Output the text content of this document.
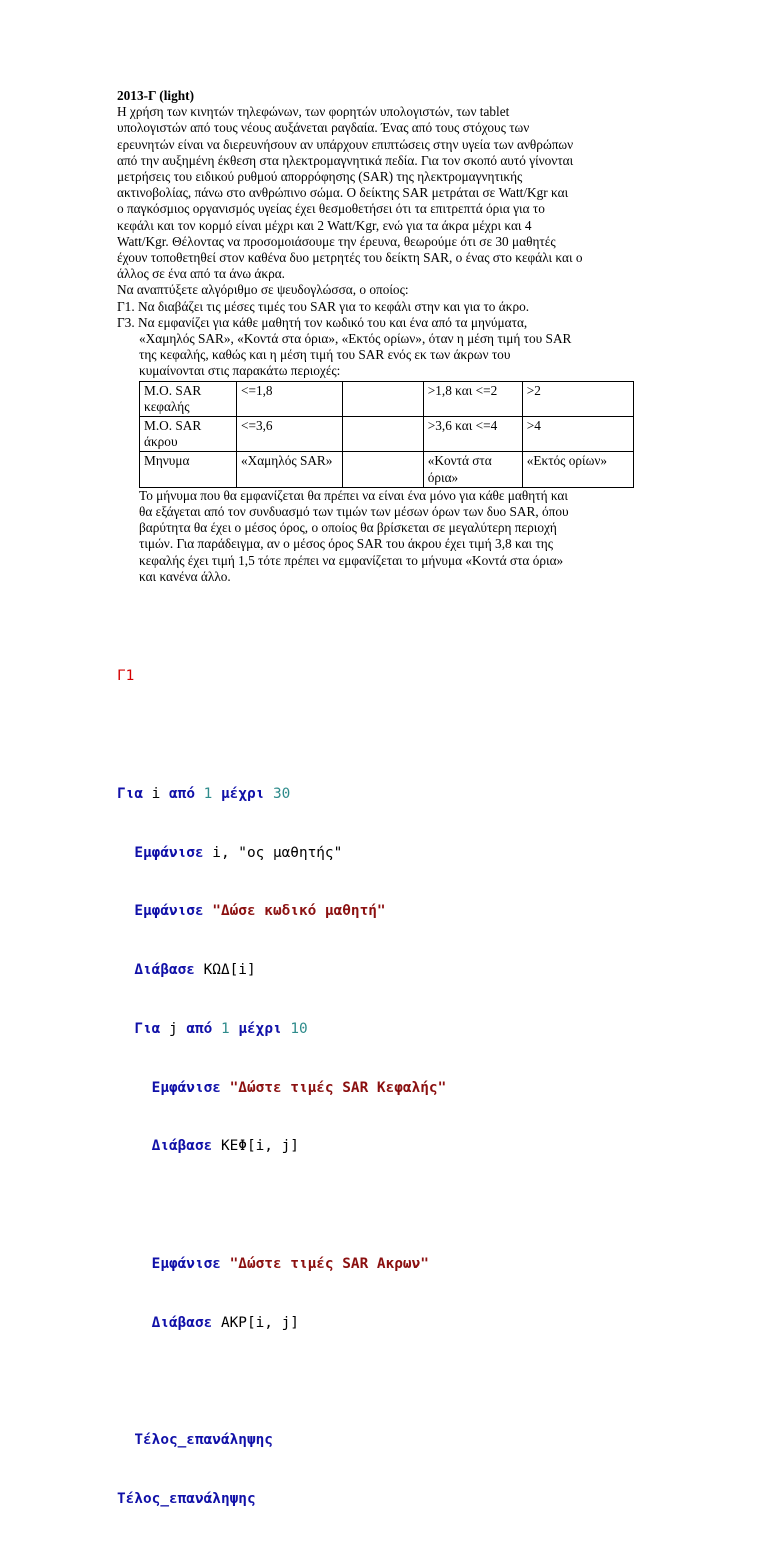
2013-Γ (light)

Η χρήση των κινητών τηλεφώνων, των φορητών υπολογιστών, των tablet

υπολογιστών από τους νέους αυξάνεται ραγδαία. Ένας από τους στόχους των

ερευνητών είναι να διερευνήσουν αν υπάρχουν επιπτώσεις στην υγεία των ανθρώπων

από την αυξημένη έκθεση στα ηλεκτρομαγνητικά πεδία. Για τον σκοπό αυτό γίνονται

μετρήσεις του ειδικού ρυθμού απορρόφησης (SAR) της ηλεκτρομαγνητικής

ακτινοβολίας, πάνω στο ανθρώπινο σώμα. Ο δείκτης SAR μετράται σε Watt/Kgr και

ο παγκόσμιος οργανισμός υγείας έχει θεσμοθετήσει ότι τα επιτρεπτά όρια για το

κεφάλι και τον κορμό είναι μέχρι και 2 Watt/Kgr, ενώ για τα άκρα μέχρι και 4

Watt/Kgr. Θέλοντας να προσομοιάσουμε την έρευνα, θεωρούμε ότι σε 30 μαθητές

έχουν τοποθετηθεί στον καθένα δυο μετρητές του δείκτη SAR, ο ένας στο κεφάλι και ο

άλλος σε ένα από τα άνω άκρα.

Να αναπτύξετε αλγόριθμο σε ψευδογλώσσα, ο οποίος:

Γ1. Να διαβάζει τις μέσες τιμές του SAR για το κεφάλι στην και για το άκρο.

Γ3. Να εμφανίζει για κάθε μαθητή τον κωδικό του και ένα από τα μηνύματα,

«Χαμηλός SAR», «Κοντά στα όρια», «Εκτός ορίων», όταν η μέση τιμή του SAR

της κεφαλής, καθώς και η μέση τιμή του SAR ενός εκ των άκρων του

κυμαίνονται στις παρακάτω περιοχές:

Μ.Ο. SAR κεφαλής	<=1,8		>1,8 και <=2	>2
Μ.Ο. SAR άκρου	<=3,6		>3,6 και <=4	>4
Μηνυμα	«Χαμηλός SAR»		«Κοντά στα όρια»	«Εκτός ορίων»

Το μήνυμα που θα εμφανίζεται θα πρέπει να είναι ένα μόνο για κάθε μαθητή και

θα εξάγεται από τον συνδυασμό των τιμών των μέσων όρων των δυο SAR, όπου

βαρύτητα θα έχει ο μέσος όρος, ο οποίος θα βρίσκεται σε μεγαλύτερη περιοχή

τιμών. Για παράδειγμα, αν ο μέσος όρος SAR του άκρου έχει τιμή 3,8 και της

κεφαλής έχει τιμή 1,5 τότε πρέπει να εμφανίζεται το μήνυμα «Κοντά στα όρια»

και κανένα άλλο.

Γ1

Για i από 1 μέχρι 30

Εμφάνισε i, "ος μαθητής"

Εμφάνισε "Δώσε κωδικό μαθητή"

Διάβασε ΚΩΔ[i]

Για j από 1 μέχρι 10

Εμφάνισε "Δώστε τιμές SAR Κεφαλής"

Διάβασε ΚΕΦ[i, j]

Εμφάνισε "Δώστε τιμές SAR Ακρων"

Διάβασε ΑΚΡ[i, j]

Τέλος_επανάληψης

Τέλος_επανάληψης
